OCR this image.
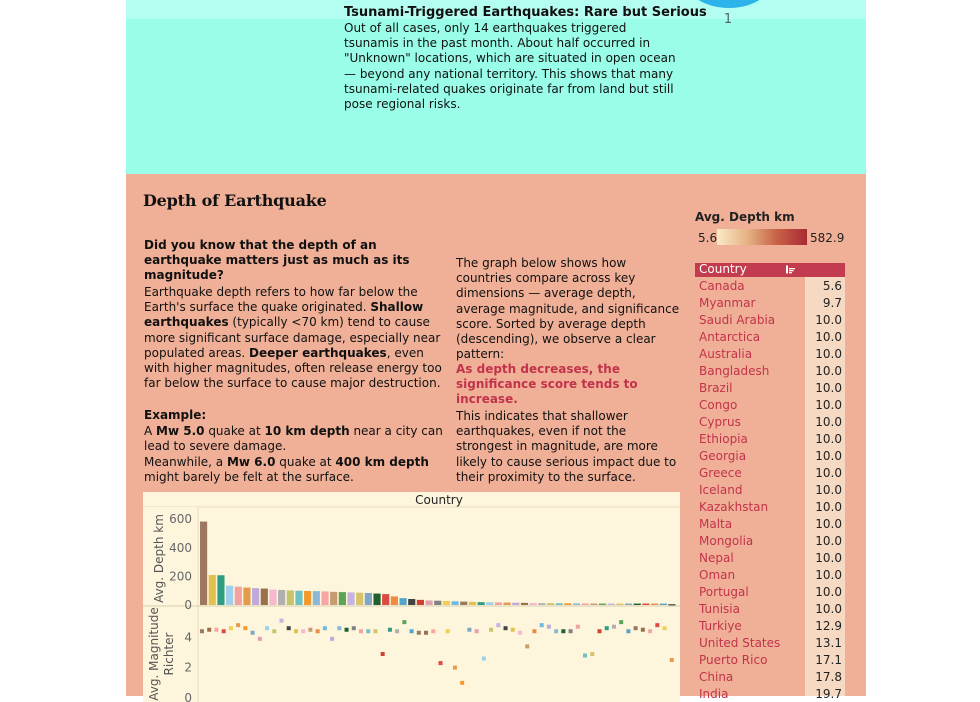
1
Tsunami-Triggered Earthquakes: Rare but Serious
Out of all cases, only 14 earthquakes triggered tsunamis in the past month. About half occurred in "Unknown" locations, which are situated in open ocean — beyond any national territory. This shows that many tsunami-related quakes originate far from land but still pose regional risks.
Depth of Earthquake
Did you know that the depth of an earthquake matters just as much as its magnitude?
Earthquake depth refers to how far below the Earth's surface the quake originated. Shallow earthquakes (typically <70 km) tend to cause more significant surface damage, especially near populated areas. Deeper earthquakes, even with higher magnitudes, often release energy too far below the surface to cause major destruction.
Example:
A Mw 5.0 quake at 10 km depth near a city can lead to severe damage.
Meanwhile, a Mw 6.0 quake at 400 km depth might barely be felt at the surface.
The graph below shows how countries compare across key dimensions — average depth, average magnitude, and significance score. Sorted by average depth (descending), we observe a clear pattern:
As depth decreases, the significance score tends to increase.
This indicates that shallower earthquakes, even if not the strongest in magnitude, are more likely to cause serious impact due to their proximity to the surface.
Avg. Depth km
5.6	582.9
Country
Canada	5.6
Myanmar	9.7
Saudi Arabia	10.0
Antarctica	10.0
Australia	10.0
Bangladesh	10.0
Brazil	10.0
Congo	10.0
Cyprus	10.0
Ethiopia	10.0
Georgia	10.0
Greece	10.0
Iceland	10.0
Kazakhstan	10.0
Malta	10.0
Mongolia	10.0
Nepal	10.0
Oman	10.0
Portugal	10.0
Tunisia	10.0
Turkiye	12.9
United States	13.1
Puerto Rico	17.1
China	17.8
India	19.7
Country
Avg. Depth km 600
400
200
0
Avg. Magnitude Richter 4
2
0
